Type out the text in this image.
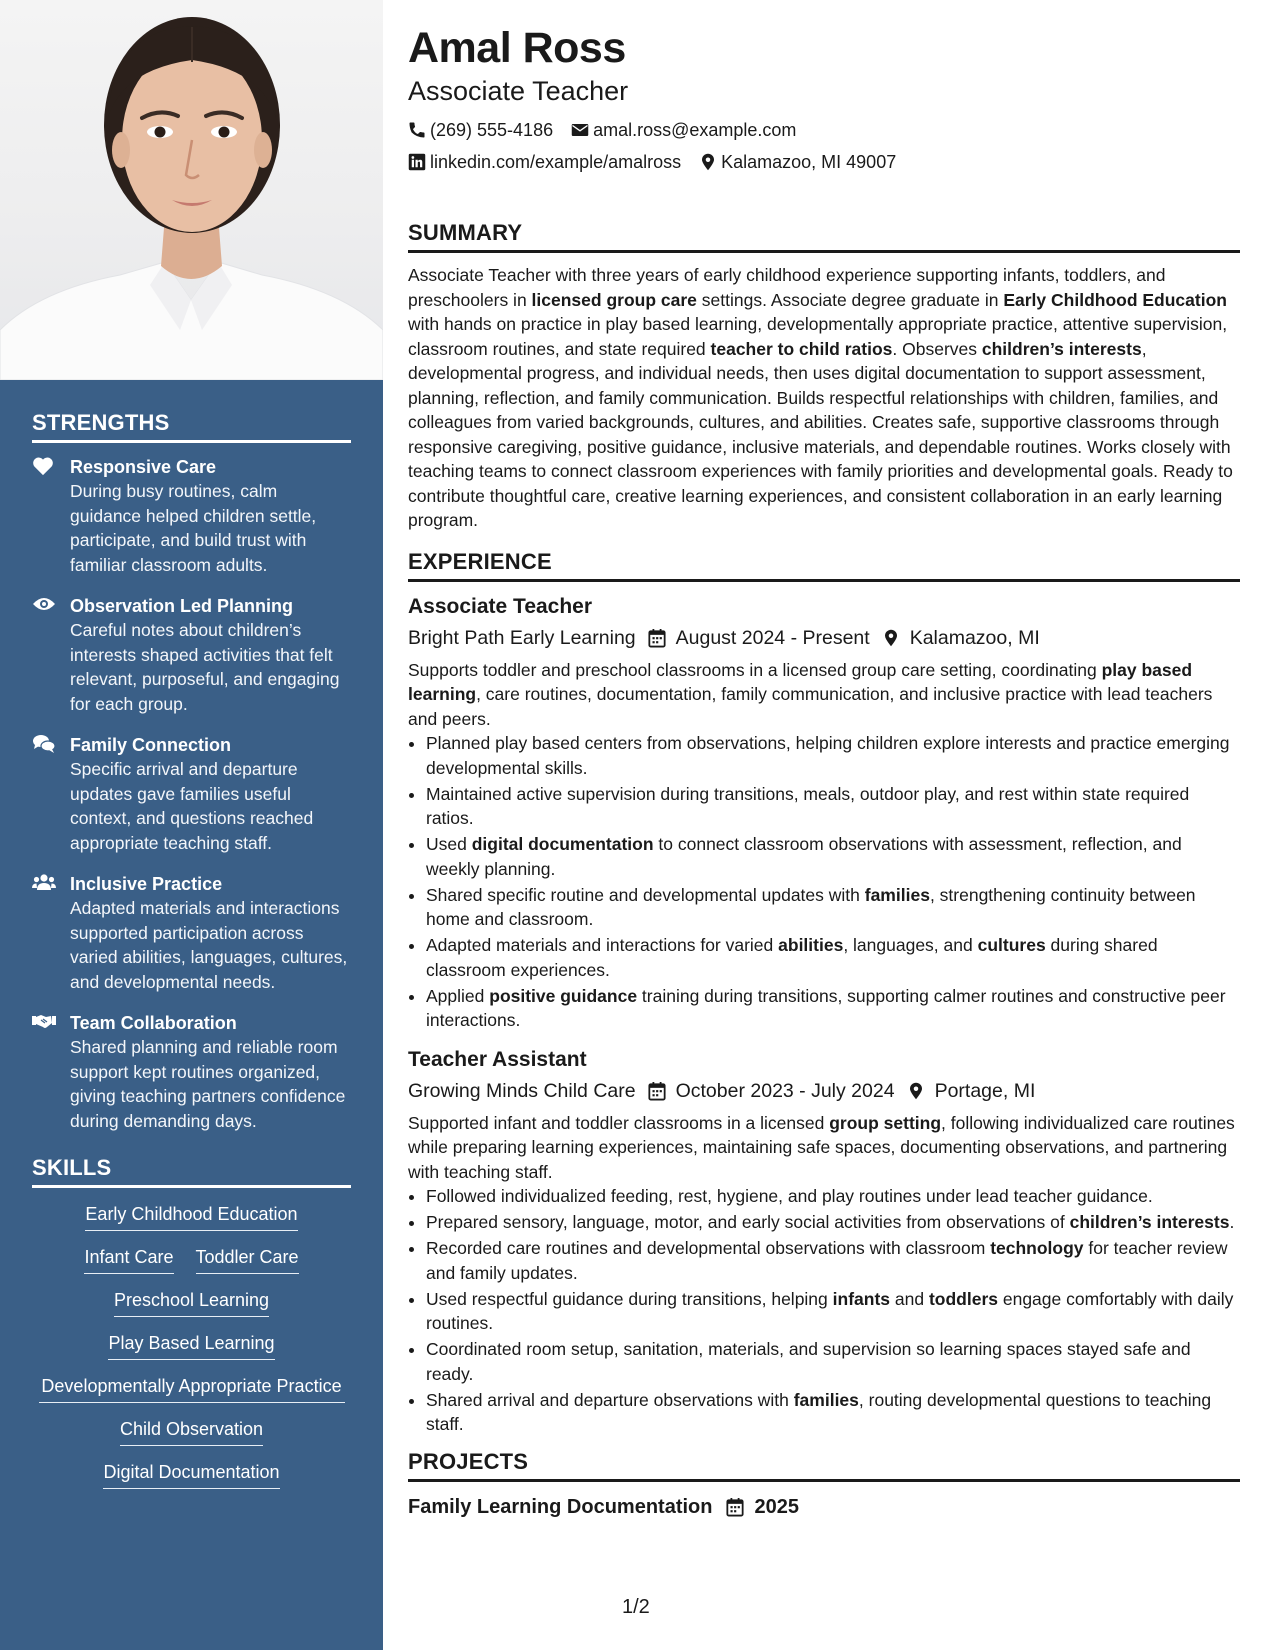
STRENGTHS
Responsive Care
During busy routines, calm guidance helped children settle, participate, and build trust with familiar classroom adults.
Observation Led Planning
Careful notes about children’s interests shaped activities that felt relevant, purposeful, and engaging for each group.
Family Connection
Specific arrival and departure updates gave families useful context, and questions reached appropriate teaching staff.
Inclusive Practice
Adapted materials and interactions supported participation across varied abilities, languages, cultures, and developmental needs.
Team Collaboration
Shared planning and reliable room support kept routines organized, giving teaching partners confidence during demanding days.
SKILLS
Early Childhood Education
Infant Care Toddler Care
Preschool Learning
Play Based Learning
Developmentally Appropriate Practice
Child Observation
Digital Documentation
Amal Ross
Associate Teacher
(269) 555-4186 amal.ross@example.com
linkedin.com/example/amalross Kalamazoo, MI 49007
SUMMARY

Associate Teacher with three years of early childhood experience supporting infants, toddlers, and preschoolers in licensed group care settings. Associate degree graduate in Early Childhood Education with hands on practice in play based learning, developmentally appropriate practice, attentive supervision, classroom routines, and state required teacher to child ratios. Observes children’s interests, developmental progress, and individual needs, then uses digital documentation to support assessment, planning, reflection, and family communication. Builds respectful relationships with children, families, and colleagues from varied backgrounds, cultures, and abilities. Creates safe, supportive classrooms through responsive caregiving, positive guidance, inclusive materials, and dependable routines. Works closely with teaching teams to connect classroom experiences with family priorities and developmental goals. Ready to contribute thoughtful care, creative learning experiences, and consistent collaboration in an early learning program.

EXPERIENCE
Associate Teacher
Bright Path Early Learning August 2024 - Present Kalamazoo, MI

Supports toddler and preschool classrooms in a licensed group care setting, coordinating play based learning, care routines, documentation, family communication, and inclusive practice with lead teachers and peers.

• Planned play based centers from observations, helping children explore interests and practice emerging developmental skills.
• Maintained active supervision during transitions, meals, outdoor play, and rest within state required ratios.
• Used digital documentation to connect classroom observations with assessment, reflection, and weekly planning.
• Shared specific routine and developmental updates with families, strengthening continuity between home and classroom.
• Adapted materials and interactions for varied abilities, languages, and cultures during shared classroom experiences.
• Applied positive guidance training during transitions, supporting calmer routines and constructive peer interactions.
Teacher Assistant
Growing Minds Child Care October 2023 - July 2024 Portage, MI

Supported infant and toddler classrooms in a licensed group setting, following individualized care routines while preparing learning experiences, maintaining safe spaces, documenting observations, and partnering with teaching staff.

• Followed individualized feeding, rest, hygiene, and play routines under lead teacher guidance.
• Prepared sensory, language, motor, and early social activities from observations of children’s interests.
• Recorded care routines and developmental observations with classroom technology for teacher review and family updates.
• Used respectful guidance during transitions, helping infants and toddlers engage comfortably with daily routines.
• Coordinated room setup, sanitation, materials, and supervision so learning spaces stayed safe and ready.
• Shared arrival and departure observations with families, routing developmental questions to teaching staff.
PROJECTS
Family Learning Documentation 2025
1/2
